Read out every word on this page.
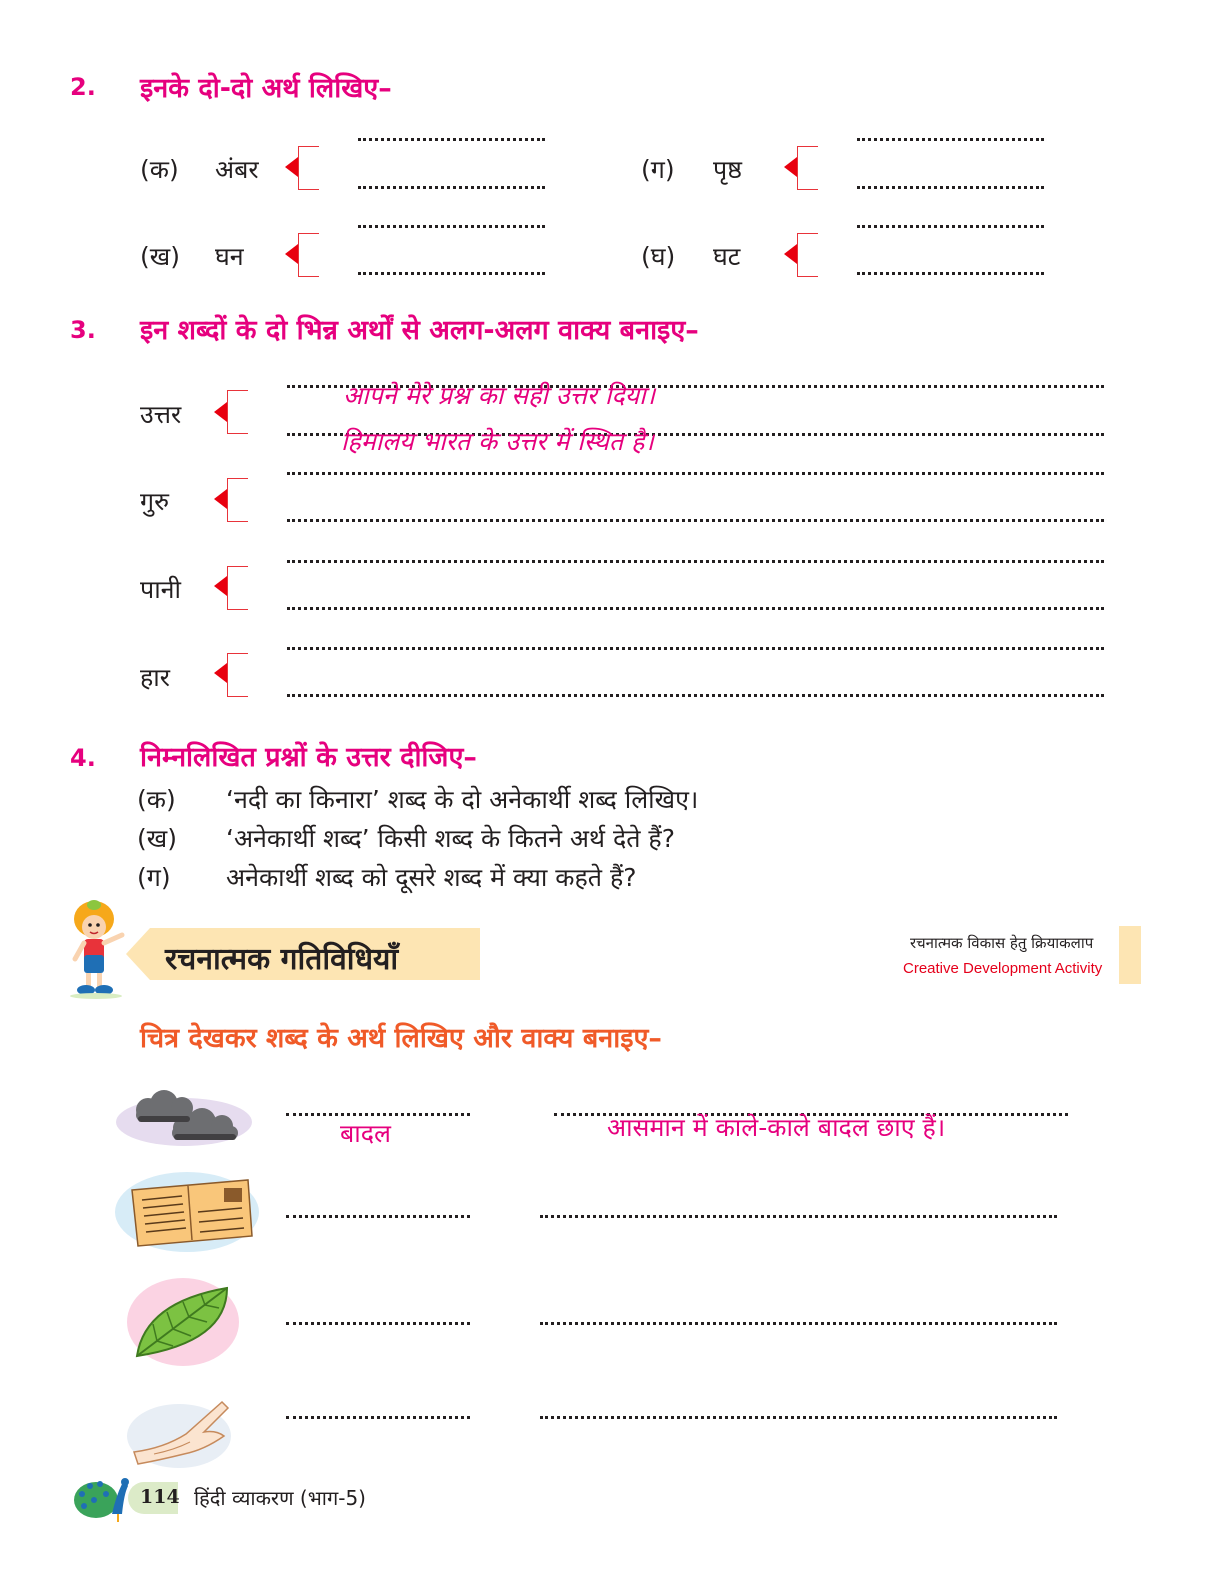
2. इनके दो-दो अर्थ लिखिए–
(क) अंबर	(ग) पृष्ठ
(ख) घन	(घ) घट
3. इन शब्दों के दो भिन्न अर्थों से अलग-अलग वाक्य बनाइए–
उत्तर
आपने मेरे प्रश्न का सही उत्तर दिया।
हिमालय भारत के उत्तर में स्थित है।
गुरु
पानी
हार
4. निम्नलिखित प्रश्नों के उत्तर दीजिए–
(क) ‘नदी का किनारा’ शब्द के दो अनेकार्थी शब्द लिखिए।
(ख) ‘अनेकार्थी शब्द’ किसी शब्द के कितने अर्थ देते हैं?
(ग) अनेकार्थी शब्द को दूसरे शब्द में क्या कहते हैं?
रचनात्मक गतिविधियाँ	रचनात्मक विकास हेतु क्रियाकलाप
Creative Development Activity
चित्र देखकर शब्द के अर्थ लिखिए और वाक्य बनाइए–
बादल	आसमान में काले-काले बादल छाए हैं।
114 हिंदी व्याकरण (भाग-5)
